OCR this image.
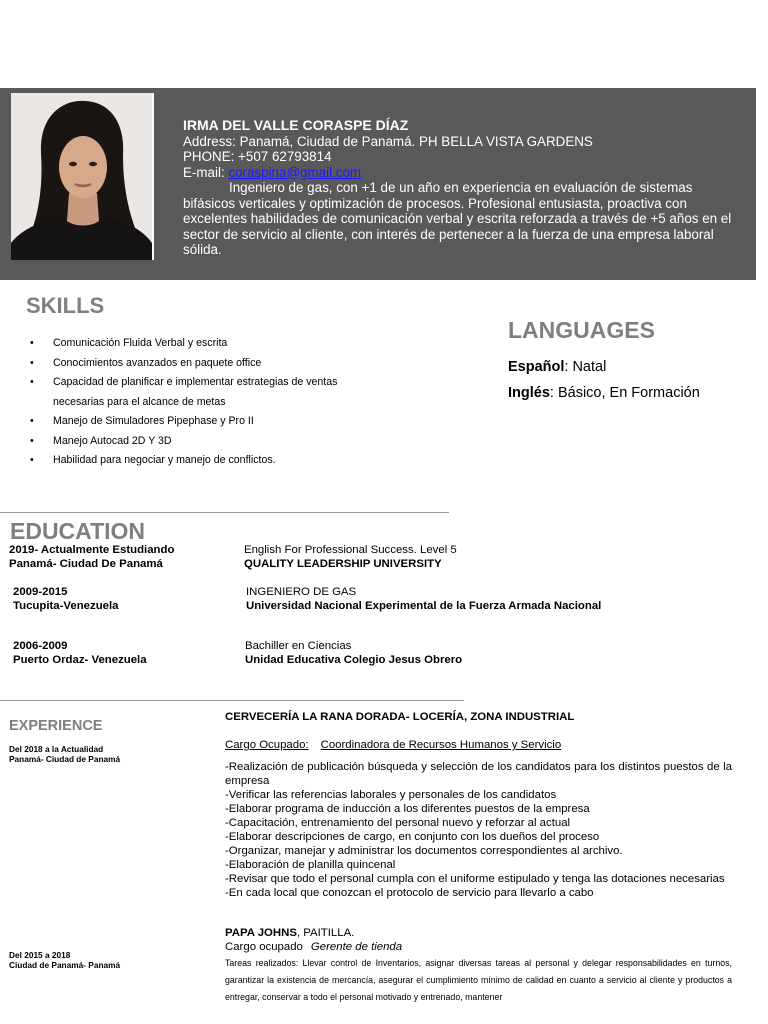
IRMA DEL VALLE CORASPE DÍAZ
Address: Panamá, Ciudad de Panamá. PH BELLA VISTA GARDENS
PHONE: +507 62793814
E-mail: coraspina@gmail.com

Ingeniero de gas, con +1 de un año en experiencia en evaluación de sistemas bifásicos verticales y optimización de procesos. Profesional entusiasta, proactiva con excelentes habilidades de comunicación verbal y escrita reforzada a través de +5 años en el sector de servicio al cliente, con interés de pertenecer a la fuerza de una empresa laboral sólida.

SKILLS
• Comunicación Fluida Verbal y escrita
• Conocimientos avanzados en paquete office
• Capacidad de planificar e implementar estrategias de ventas necesarias para el alcance de metas
• Manejo de Simuladores Pipephase y Pro II
• Manejo Autocad 2D Y 3D
• Habilidad para negociar y manejo de conflictos.
LANGUAGES
Español: Natal
Inglés: Básico, En Formación
EDUCATION
2019- Actualmente Estudiando
Panamá- Ciudad De Panamá
English For Professional Success. Level 5
QUALITY LEADERSHIP UNIVERSITY
2009-2015
Tucupita-Venezuela
INGENIERO DE GAS
Universidad Nacional Experimental de la Fuerza Armada Nacional
2006-2009
Puerto Ordaz- Venezuela
Bachiller en Ciencias
Unidad Educativa Colegio Jesus Obrero
EXPERIENCE
Del 2018 a la Actualidad
Panamá- Ciudad de Panamá
CERVECERÍA LA RANA DORADA- LOCERÍA, ZONA INDUSTRIAL
Cargo Ocupado: Coordinadora de Recursos Humanos y Servicio
-Realización de publicación búsqueda y selección de los candidatos para los distintos puestos de la empresa
-Verificar las referencias laborales y personales de los candidatos
-Elaborar programa de inducción a los diferentes puestos de la empresa
-Capacitación, entrenamiento del personal nuevo y reforzar al actual
-Elaborar descripciones de cargo, en conjunto con los dueños del proceso
-Organizar, manejar y administrar los documentos correspondientes al archivo.
-Elaboración de planilla quincenal
-Revisar que todo el personal cumpla con el uniforme estipulado y tenga las dotaciones necesarias
-En cada local que conozcan el protocolo de servicio para llevarlo a cabo
Del 2015 a 2018
Ciudad de Panamá- Panamá
PAPA JOHNS, PAITILLA.
Cargo ocupado Gerente de tienda
Tareas realizados: Llevar control de Inventarios, asignar diversas tareas al personal y delegar responsabilidades en turnos, garantizar la existencia de mercancía, asegurar el cumplimiento mínimo de calidad en cuanto a servicio al cliente y productos a entregar, conservar a todo el personal motivado y entrenado, mantener
